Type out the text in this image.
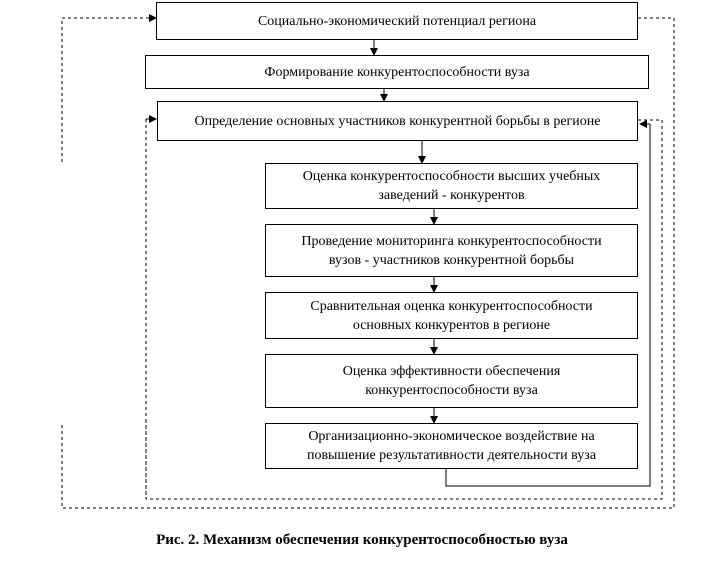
Социально-экономический потенциал региона
Формирование конкурентоспособности вуза
Определение основных участников конкурентной борьбы в регионе
Оценка конкурентоспособности высших учебных
заведений - конкурентов
Проведение мониторинга конкурентоспособности
вузов - участников конкурентной борьбы
Сравнительная оценка конкурентоспособности
основных конкурентов в регионе
Оценка эффективности обеспечения
конкурентоспособности вуза
Организационно-экономическое воздействие на
повышение результативности деятельности вуза
Рис. 2. Механизм обеспечения конкурентоспособностью вуза
